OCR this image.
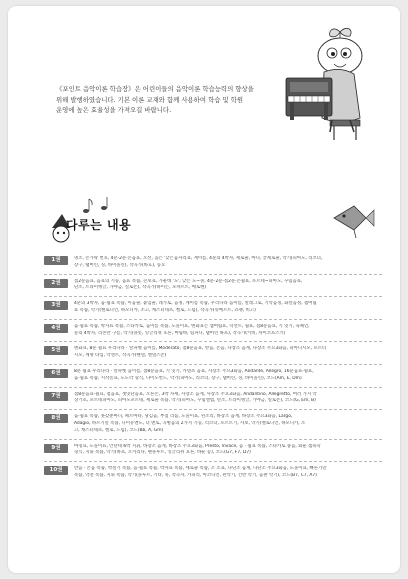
《포인트 음악이론 학습장》은 어린이들의 음악이론 학습능력의 향상을
위해 발행하였습니다. 기본 이론 교재와 함께 사용하여 학습 및 학원
운영에 높은 효율성을 가져오길 바랍니다.
다루는 내용
1권	명소, 손가락 번호, 4분·2분·온음표, 오선, 높은 '낮은음자리표, 계이름, 4분의 4박자, 세로줄, 마디, 끝세로줄, 악기(피아노, 리코더,
장구, 탬버린, 징, 바이올린), 작곡가(바흐), 동요
2권	점2분음표, 음표의 기둥, 음표 복습, 큰보표, 가운데 '도', 낮은 도~솔, 4분·2분·점2분·온쉼표, 포르테~피아노, 꾸밈음표,
단소, 트라이앵글, 가야금, 실로폰), 작곡가(하이든, 모차르트, 베토벤)
3권	4분의 3박자, 음·쉼표 복습, 이음줄, 붙임줄, 레가토, 음정, 계이름 복습, 우리나라 음이름, 알레그로, 기악음정, 화살음정, 셈여림
표 복습, 악기(첼로디언, 하모니카, 소고, 캐스터네츠, 첼로, 드럼), 작곡가(슈베르트, 쇼팽, 비고)
4권	음·쉼표 복습, 박자표 복습, 스타카토, 음이름 복습, 도돌이표, 변화표는 셈여림표, 덕션트, 쉼표, 점8분음표, 기 잇기, 육체언,
분의 4박자, 리본만 구름, 악기(플롯, 잉글리쉬 호른, 마림바, 팀파니, 탬버린 하프), 작곡가(키비, 차이코프스키)
5권	변화표, 8분 쉼표 우리나라 · 알파벳 음이름, Moderato, 점8분음표, 반음, 온음, 다장조 음계, 다장조 주요3화음, 피아니시모, 포르티
시모, 계명 타입, 악센트, 작곡가(헨델, 멘델스존)
6권	8분 쉼표 우리나라 · 알파벳 음이름, 점8분음표, 기 잇기, 카덴츠 음표, 사장조 주요3화음, Andante, Allegro, 16분음표·쉼표,
음·쉼표 복습, 시작꼴표, 도도약 형식, 다이노번드, 악기(피아노, 리코더, 장구, 탬버린, 징, 바이올린), 코드(Am, E, Dm)
7권	점8분음표·쉼표, 점음표, 셋잇단음표, 오른손, 3박 자세, 사장조 음계, 사장조 주요3화음, Andantino, Allegretto, 여러 가지 악
상기호, 포르테피아노, 피아노포르테, 세로줄 복습, 악기(피아노, 꾸밈앨범, 탄소, 트라이앵글, 가야금, 실로폰), 코드(G, Em, B)
8권	음·쉼표 복습, 못갖춘마디, 페르마타, 당김음, 부점 리듬, 도돌이표, 된소리, 바장조 음계, 바장조 주요3화음, Largo,
Adagio, 바르기말 복습, 디미뉴엔도, 더 맨토, 곡별음의 2가지 기능, 리코더, 포르트기, 사보, 악기(첼로디언, 하모니카, 소
고, 캐스터네츠, 첼로, 드럼), 코드(Bb, A, Gm)
9권	마칭표, 도돌이표, 안단테 6박 지휘, 바장조 음계, 바장조 주요3화음, Presto, Vivace, 음 · 쉼표 복습, 스타카토 중음, 외운 셈독학
형식, 지휘 복습, 악기(하프, 오카리나, 팬플루트, 잉글리쉬 호른, 바순 등), 코드(G7, F7, D7)
10권	반음 · 온음 복습, 박절기 복습, 음·쉼표 복습, 박자표 복습, 세로줄 복습, 조 조표, 나단조 음계, 나단조 주요3화음, 도돌이표, 빠른기말
복습, 악전 복습, 지휘 복습, 악기(플루트, 기타, 북, 작곡자, 카피리, 아코디언, 관악기, 건반 악기, 음판 악기), 코드(B7, C7, A7)
